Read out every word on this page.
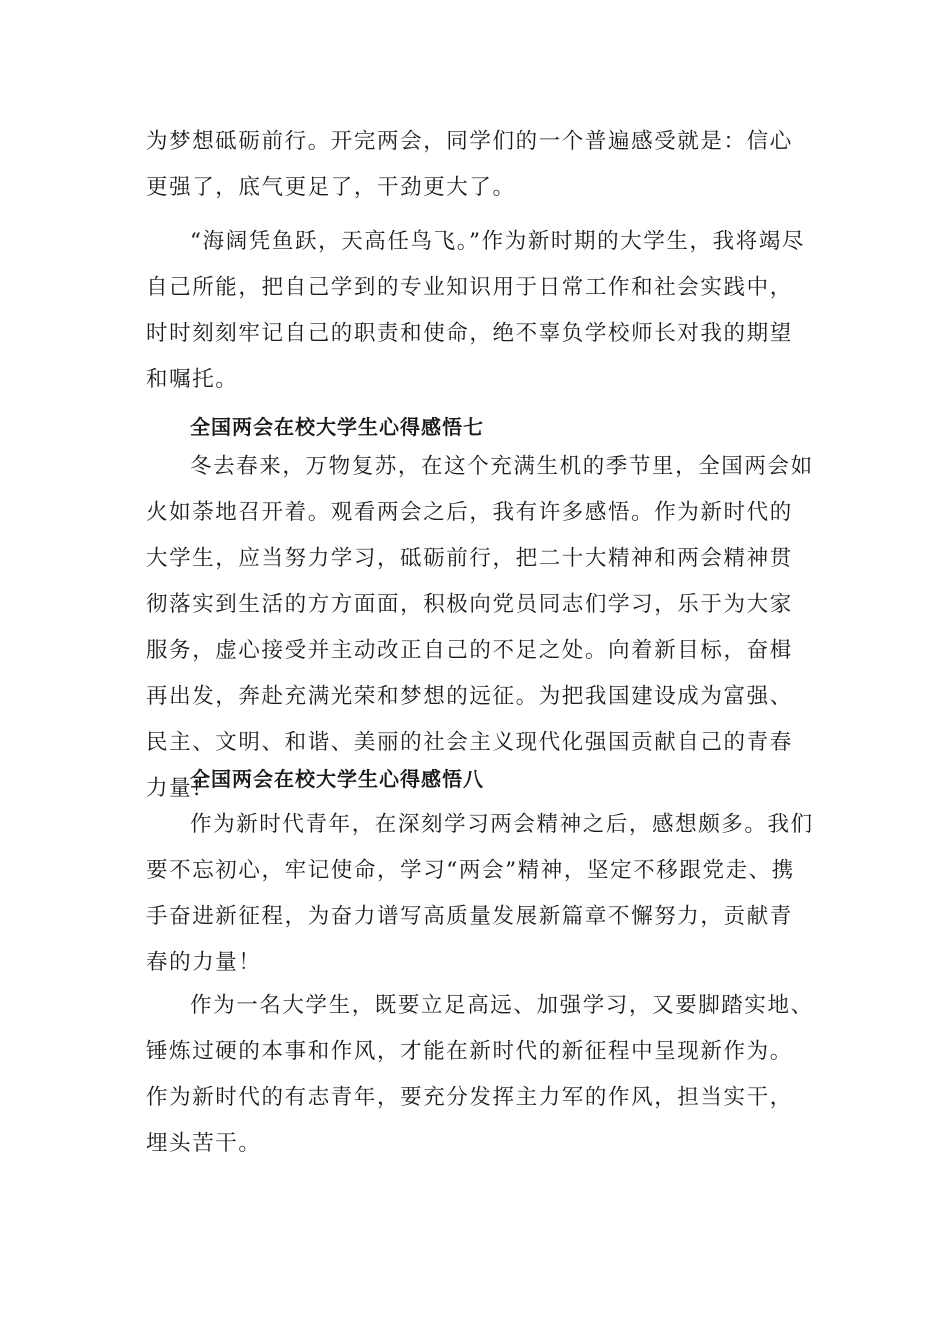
为梦想砥砺前行。开完两会，同学们的一个普遍感受就是：信心更强了，底气更足了，干劲更大了。

“海阔凭鱼跃，天高任鸟飞。”作为新时期的大学生，我将竭尽自己所能，把自己学到的专业知识用于日常工作和社会实践中，时时刻刻牢记自己的职责和使命，绝不辜负学校师长对我的期望和嘱托。

全国两会在校大学生心得感悟七

冬去春来，万物复苏，在这个充满生机的季节里，全国两会如火如荼地召开着。观看两会之后，我有许多感悟。作为新时代的大学生，应当努力学习，砥砺前行，把二十大精神和两会精神贯彻落实到生活的方方面面，积极向党员同志们学习，乐于为大家服务，虚心接受并主动改正自己的不足之处。向着新目标，奋楫再出发，奔赴充满光荣和梦想的远征。为把我国建设成为富强、民主、文明、和谐、美丽的社会主义现代化强国贡献自己的青春力量!

全国两会在校大学生心得感悟八

作为新时代青年，在深刻学习两会精神之后，感想颇多。我们要不忘初心，牢记使命，学习“两会”精神，坚定不移跟党走、携手奋进新征程，为奋力谱写高质量发展新篇章不懈努力，贡献青春的力量！

作为一名大学生，既要立足高远、加强学习，又要脚踏实地、锤炼过硬的本事和作风，才能在新时代的新征程中呈现新作为。作为新时代的有志青年，要充分发挥主力军的作风，担当实干，埋头苦干。
